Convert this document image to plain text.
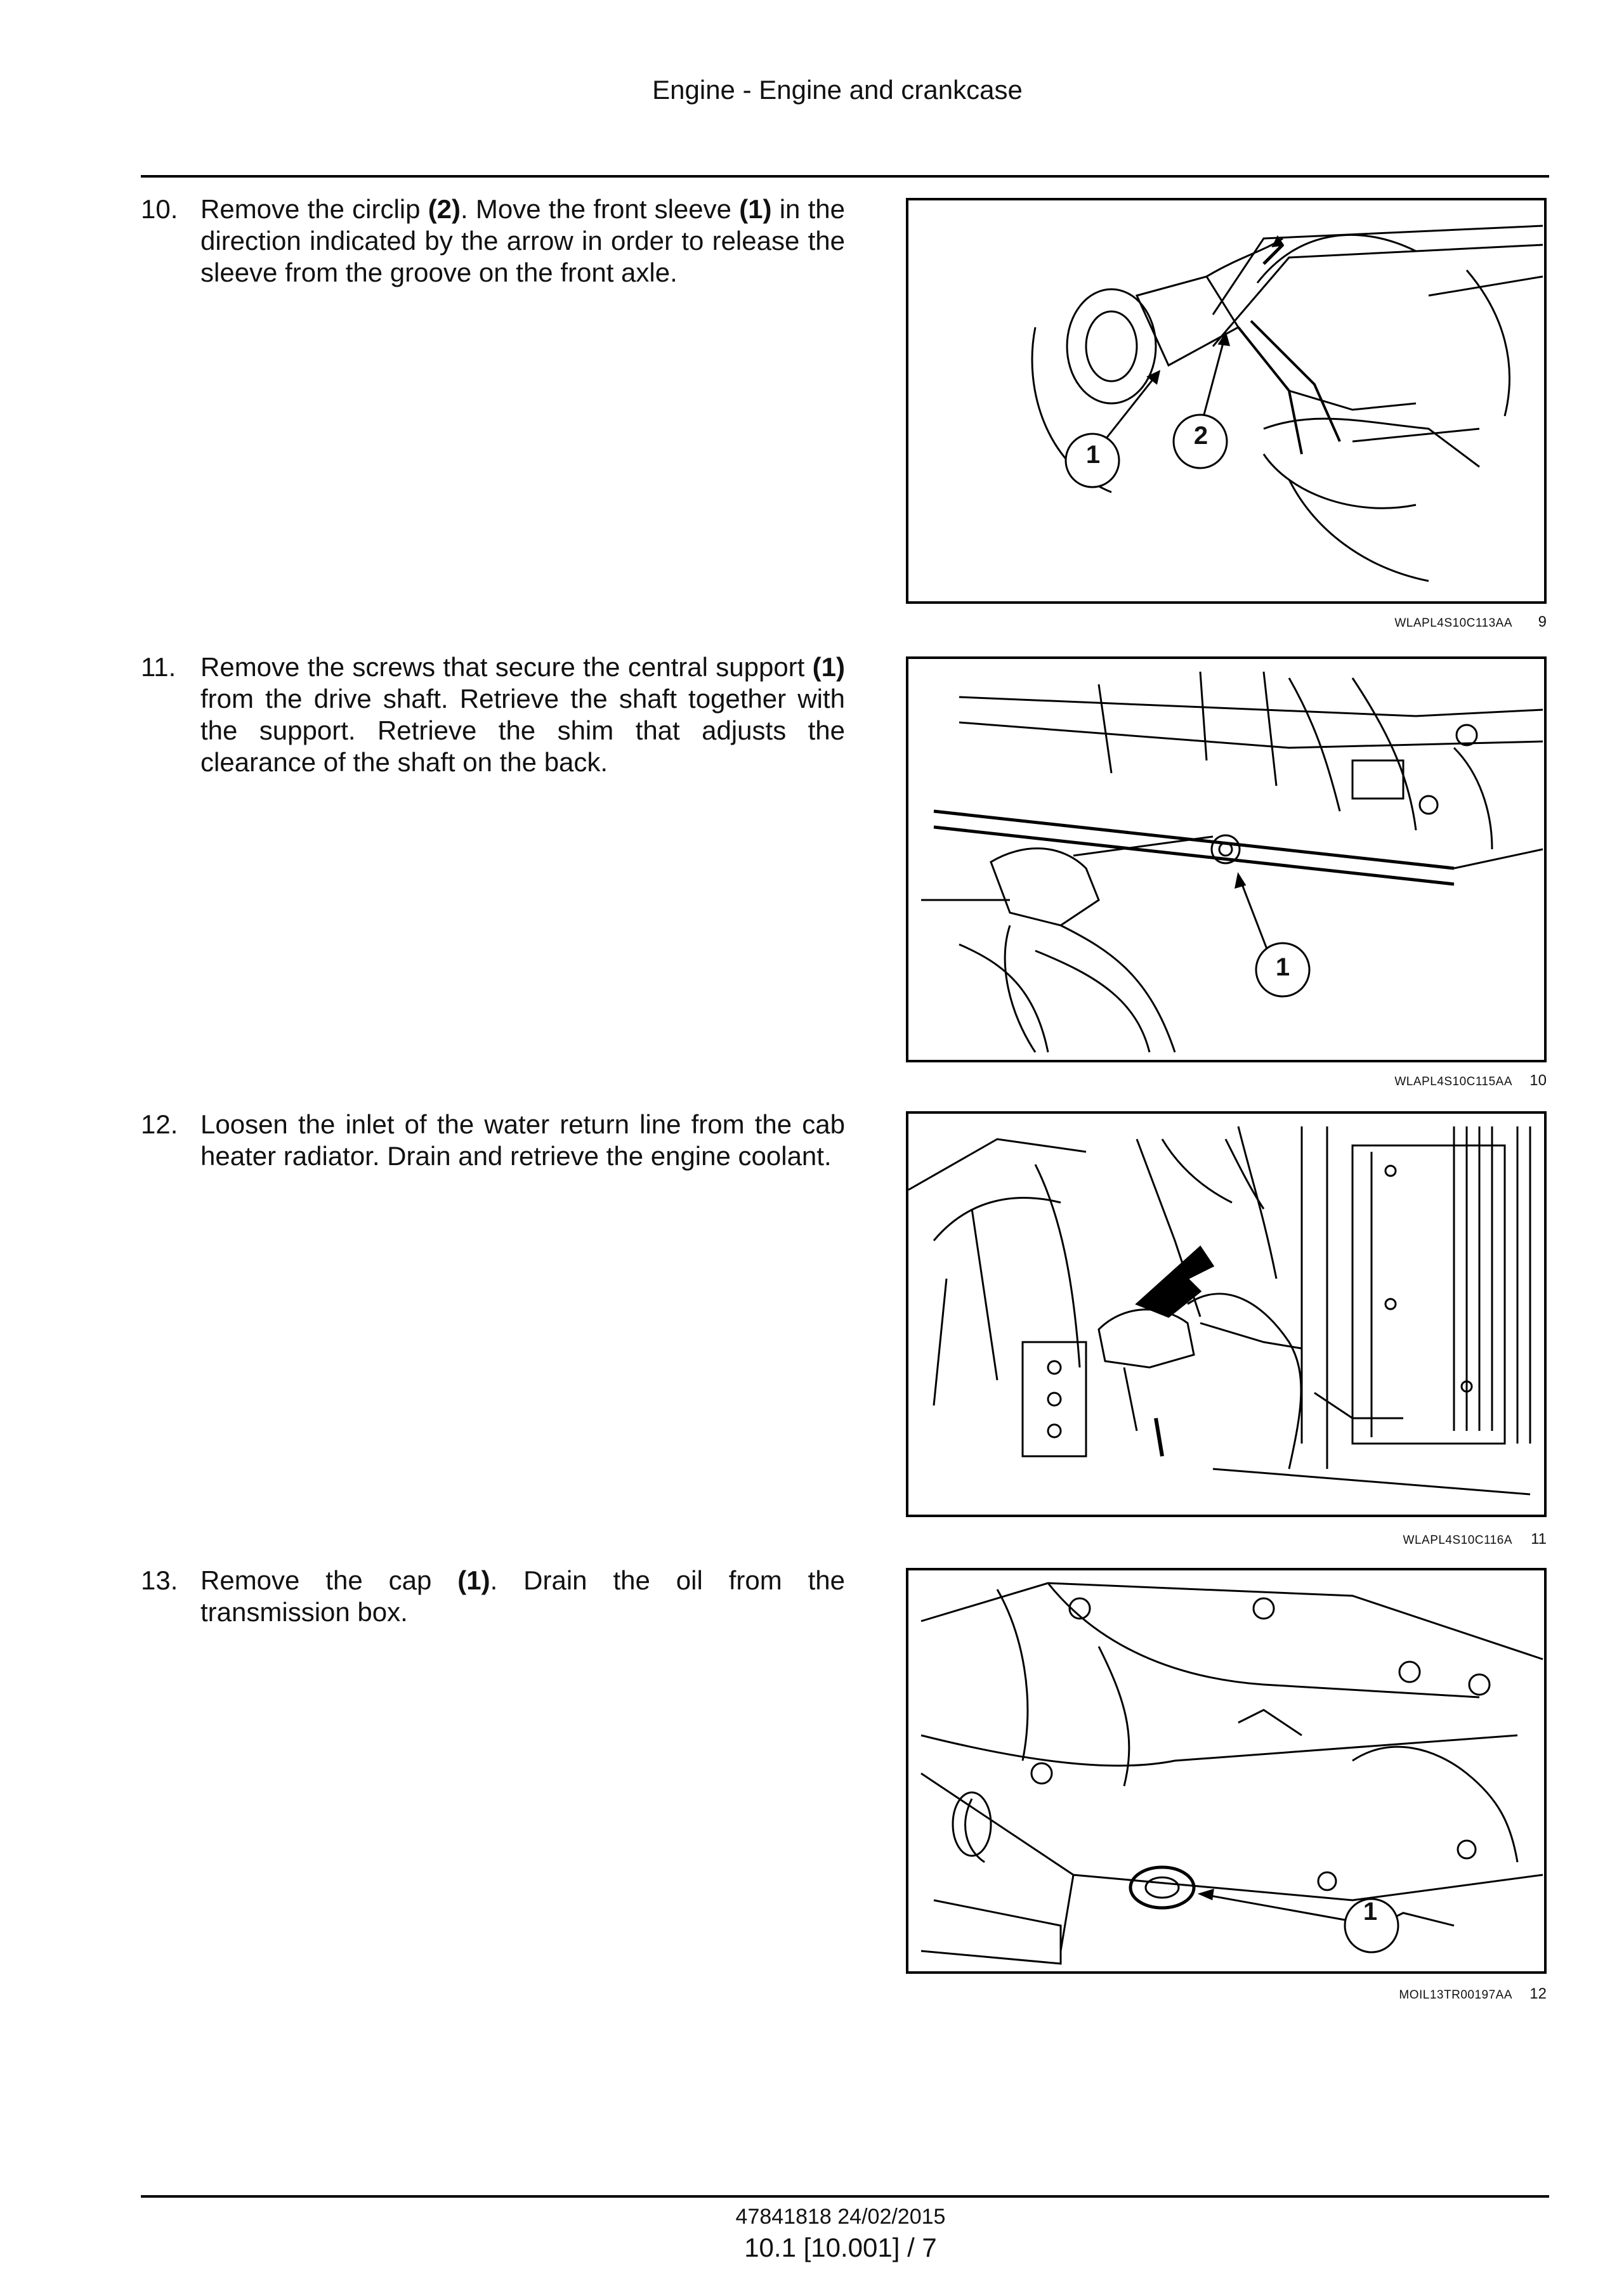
Engine - Engine and crankcase
10. Remove the circlip (2). Move the front sleeve (1) in the direction indicated by the arrow in order to release the sleeve from the groove on the front axle.
1
2
WLAPL4S10C113AA 9
11. Remove the screws that secure the central support (1) from the drive shaft. Retrieve the shaft together with the support. Retrieve the shim that adjusts the clearance of the shaft on the back.
1
WLAPL4S10C115AA 10
12. Loosen the inlet of the water return line from the cab heater radiator. Drain and retrieve the engine coolant.
WLAPL4S10C116A 11
13. Remove the cap (1). Drain the oil from the transmission box.
1
MOIL13TR00197AA 12
47841818 24/02/2015
10.1 [10.001] / 7
